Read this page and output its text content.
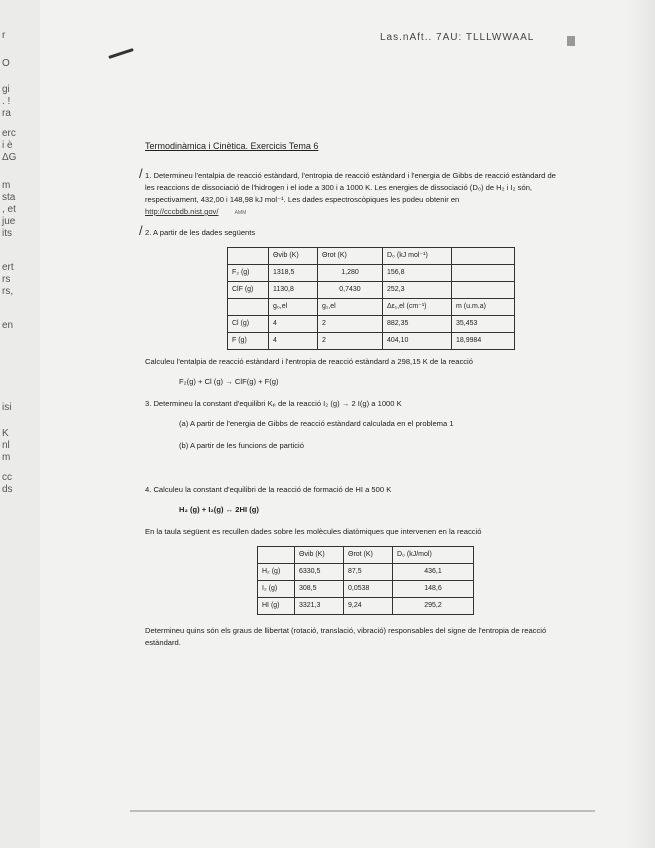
r
O
gi
. !
ra
erc
i è
ΔG
m
sta
, et
jue
its
ert
rs
rs,
en
isi
K
nl
m
cc
ds
Las.nAft.. 7AU: TLLLWWAAL

Termodinàmica i Cinètica. Exercicis Tema 6

/ 1. Determineu l'entalpia de reacció estàndard, l'entropia de reacció estàndard i l'energia de Gibbs de reacció estàndard de les reaccions de dissociació de l'hidrogen i el iode a 300 i a 1000 K. Les energies de dissociació (D₀) de H₂ i I₂ són, respectivament, 432,00 i 148,98 kJ mol⁻¹. Les dades espectroscòpiques les podeu obtenir en
http://cccbdb.nist.gov/	AMM

/ 2. A partir de les dades següents

	Θvib (K)	Θrot (K)	D₀ (kJ mol⁻¹)	
F₂ (g)	1318,5	1,280	156,8	
ClF (g)	1130,8	0,7430	252,3	
	g₀,el	g₁,el	Δε₁,el (cm⁻¹)	m (u.m.a)
Cl (g)	4	2	882,35	35,453
F (g)	4	2	404,10	18,9984

Calculeu l'entalpia de reacció estàndard i l'entropia de reacció estàndard a 298,15 K de la reacció

F₂(g) + Cl (g) → ClF(g) + F(g)

3. Determineu la constant d'equilibri Kₚ de la reacció I₂ (g) → 2 I(g) a 1000 K

(a) A partir de l'energia de Gibbs de reacció estàndard calculada en el problema 1

(b) A partir de les funcions de partició

4. Calculeu la constant d'equilibri de la reacció de formació de HI a 500 K

H₂ (g) + I₂(g) ↔ 2HI (g)

En la taula següent es recullen dades sobre les molècules diatòmiques que intervenen en la reacció

	Θvib (K)	Θrot (K)	D₀ (kJ/mol)
H₂ (g)	6330,5	87,5	436,1
I₂ (g)	308,5	0,0538	148,6
HI (g)	3321,3	9,24	295,2

Determineu quins són els graus de llibertat (rotació, translació, vibració) responsables del signe de l'entropia de reacció estàndard.
